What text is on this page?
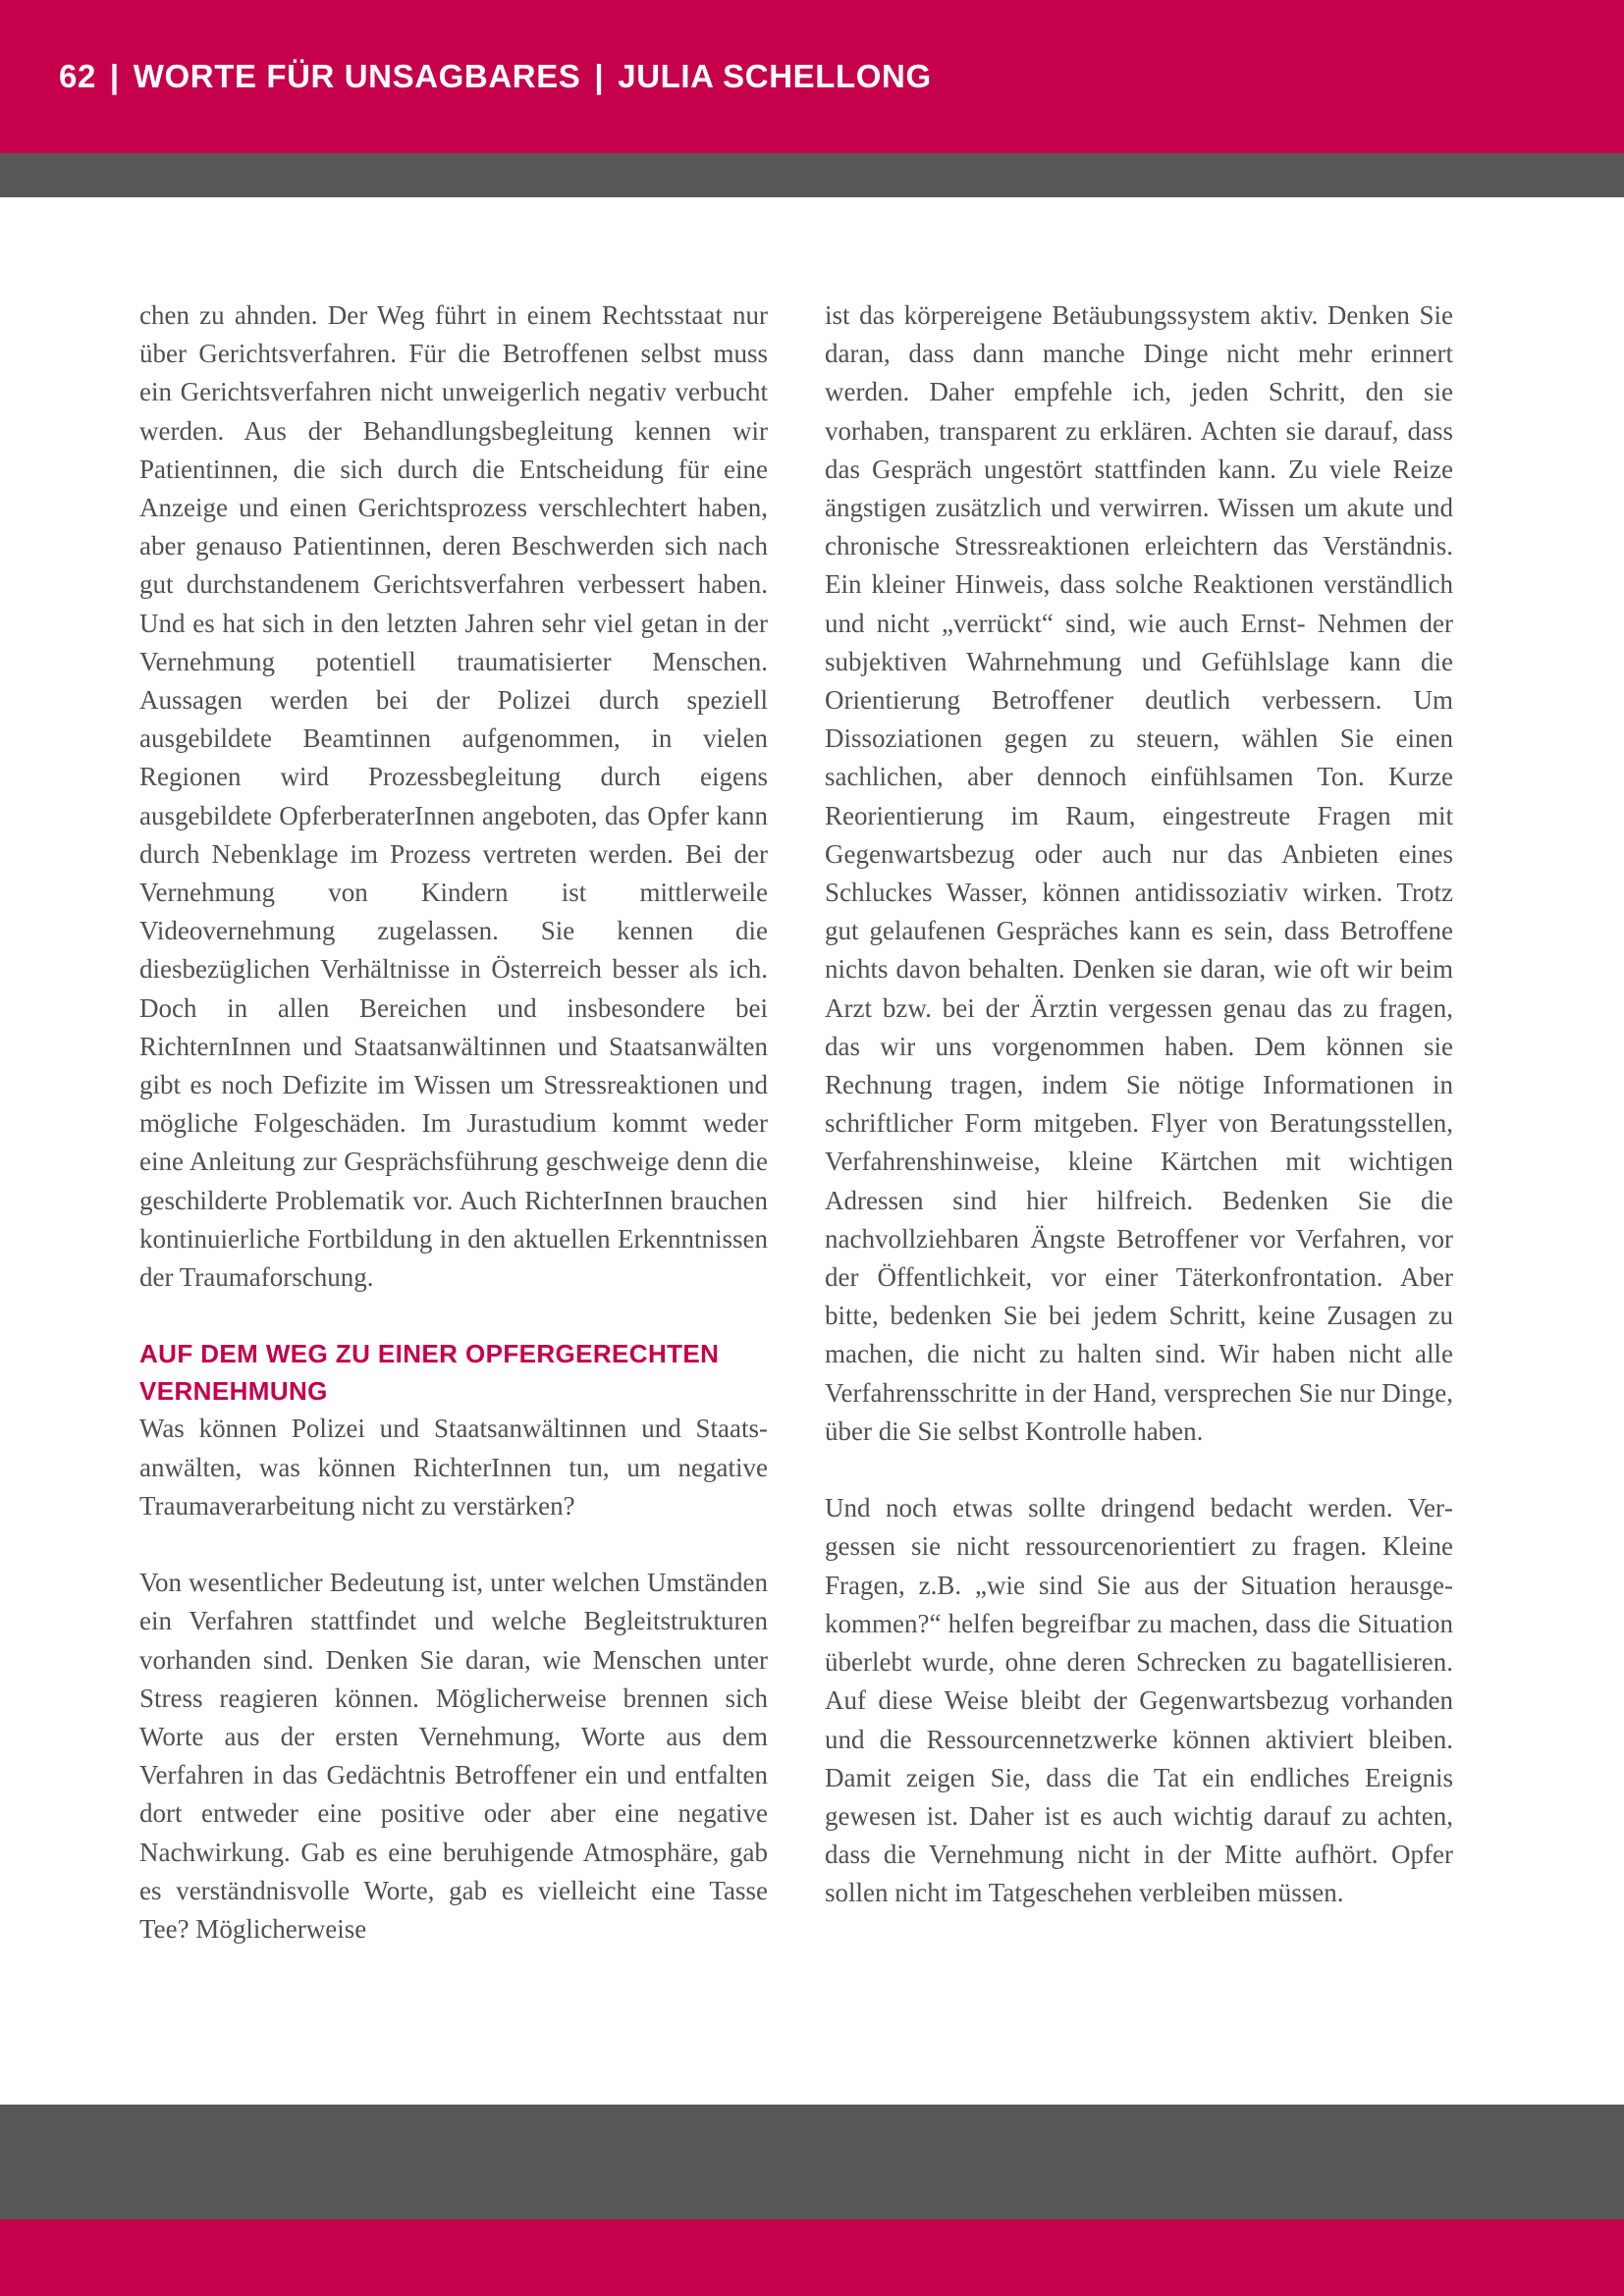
62 | WORTE FÜR UNSAGBARES | JULIA SCHELLONG

chen zu ahnden. Der Weg führt in einem Rechtsstaat nur über Gerichtsverfahren. Für die Betroffenen selbst muss ein Gerichtsverfahren nicht unweigerlich negativ verbucht werden. Aus der Behandlungsbegleitung kennen wir Patientinnen, die sich durch die Entscheidung für eine Anzeige und einen Gerichtsprozess verschlechtert haben, aber genauso Patientinnen, deren Beschwerden sich nach gut durchstandenem Gerichtsverfahren verbessert haben. Und es hat sich in den letzten Jahren sehr viel getan in der Vernehmung potentiell traumatisierter Menschen. Aussagen werden bei der Polizei durch speziell ausgebildete Beamtinnen aufgenommen, in vielen Regionen wird Prozessbegleitung durch eigens ausgebildete OpferberaterInnen angeboten, das Opfer kann durch Nebenklage im Prozess vertreten werden. Bei der Vernehmung von Kindern ist mittlerweile Videovernehmung zugelassen. Sie kennen die diesbezüglichen Verhältnisse in Österreich besser als ich. Doch in allen Bereichen und insbesondere bei RichternInnen und Staatsanwältinnen und Staatsanwälten gibt es noch Defizite im Wissen um Stressreaktionen und mögliche Folgeschäden. Im Jurastudium kommt weder eine Anleitung zur Gesprächsführung geschweige denn die geschilderte Problematik vor. Auch RichterInnen brauchen kontinuierliche Fortbildung in den aktuellen Erkenntnissen der Traumaforschung.

AUF DEM WEG ZU EINER OPFERGERECHTEN VERNEHMUNG

Was können Polizei und Staatsanwältinnen und Staatsanwälten, was können RichterInnen tun, um negative Traumaverarbeitung nicht zu verstärken?

Von wesentlicher Bedeutung ist, unter welchen Umständen ein Verfahren stattfindet und welche Begleitstrukturen vorhanden sind. Denken Sie daran, wie Menschen unter Stress reagieren können. Möglicherweise brennen sich Worte aus der ersten Vernehmung, Worte aus dem Verfahren in das Gedächtnis Betroffener ein und entfalten dort entweder eine positive oder aber eine negative Nachwirkung. Gab es eine beruhigende Atmosphäre, gab es verständnisvolle Worte, gab es vielleicht eine Tasse Tee? Möglicherweise

ist das körpereigene Betäubungssystem aktiv. Denken Sie daran, dass dann manche Dinge nicht mehr erinnert werden. Daher empfehle ich, jeden Schritt, den sie vorhaben, transparent zu erklären. Achten sie darauf, dass das Gespräch ungestört stattfinden kann. Zu viele Reize ängstigen zusätzlich und verwirren. Wissen um akute und chronische Stressreaktionen erleichtern das Verständnis. Ein kleiner Hinweis, dass solche Reaktionen verständlich und nicht „verrückt“ sind, wie auch Ernst- Nehmen der subjektiven Wahrnehmung und Gefühlslage kann die Orientierung Betroffener deutlich verbessern. Um Dissoziationen gegen zu steuern, wählen Sie einen sachlichen, aber dennoch einfühlsamen Ton. Kurze Reorientierung im Raum, eingestreute Fragen mit Gegenwartsbezug oder auch nur das Anbieten eines Schluckes Wasser, können antidissoziativ wirken. Trotz gut gelaufenen Gespräches kann es sein, dass Betroffene nichts davon behalten. Denken sie daran, wie oft wir beim Arzt bzw. bei der Ärztin vergessen genau das zu fragen, das wir uns vorgenommen haben. Dem können sie Rechnung tragen, indem Sie nötige Informationen in schriftlicher Form mitgeben. Flyer von Beratungsstellen, Verfahrenshinweise, kleine Kärtchen mit wichtigen Adressen sind hier hilfreich. Bedenken Sie die nachvollziehbaren Ängste Betroffener vor Verfahren, vor der Öffentlichkeit, vor einer Täterkonfrontation. Aber bitte, bedenken Sie bei jedem Schritt, keine Zusagen zu machen, die nicht zu halten sind. Wir haben nicht alle Verfahrensschritte in der Hand, versprechen Sie nur Dinge, über die Sie selbst Kontrolle haben.

Und noch etwas sollte dringend bedacht werden. Vergessen sie nicht ressourcenorientiert zu fragen. Kleine Fragen, z.B. „wie sind Sie aus der Situation herausgekommen?“ helfen begreifbar zu machen, dass die Situation überlebt wurde, ohne deren Schrecken zu bagatellisieren. Auf diese Weise bleibt der Gegenwartsbezug vorhanden und die Ressourcennetzwerke können aktiviert bleiben. Damit zeigen Sie, dass die Tat ein endliches Ereignis gewesen ist. Daher ist es auch wichtig darauf zu achten, dass die Vernehmung nicht in der Mitte aufhört. Opfer sollen nicht im Tatgeschehen verbleiben müssen.
